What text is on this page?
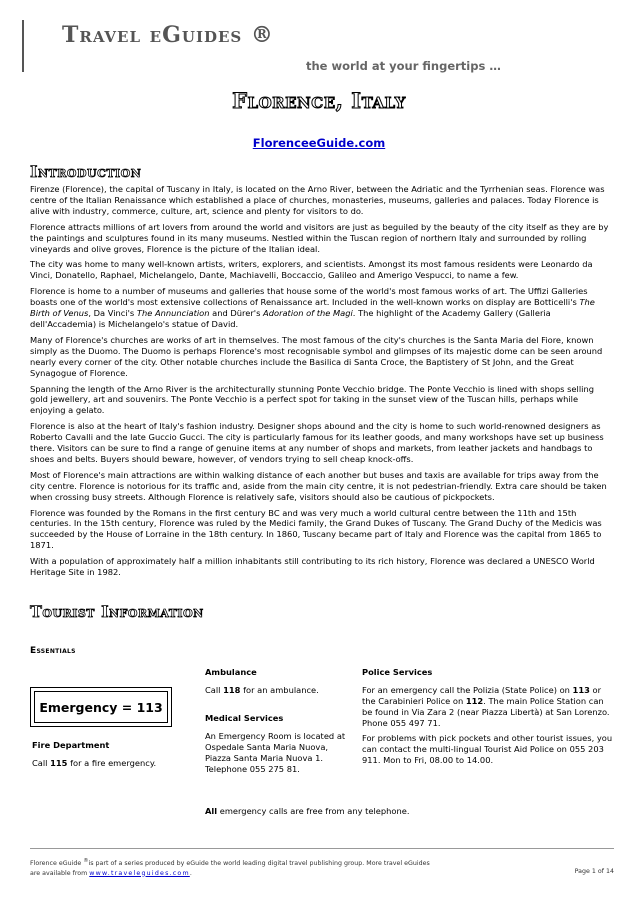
Travel eGuides ®
the world at your fingertips …
Florence, Italy
FlorenceeGuide.com
Introduction

Firenze (Florence), the capital of Tuscany in Italy, is located on the Arno River, between the Adriatic and the Tyrrhenian seas. Florence was centre of the Italian Renaissance which established a place of churches, monasteries, museums, galleries and palaces. Today Florence is alive with industry, commerce, culture, art, science and plenty for visitors to do.

Florence attracts millions of art lovers from around the world and visitors are just as beguiled by the beauty of the city itself as they are by the paintings and sculptures found in its many museums. Nestled within the Tuscan region of northern Italy and surrounded by rolling vineyards and olive groves, Florence is the picture of the Italian ideal.

The city was home to many well-known artists, writers, explorers, and scientists. Amongst its most famous residents were Leonardo da Vinci, Donatello, Raphael, Michelangelo, Dante, Machiavelli, Boccaccio, Galileo and Amerigo Vespucci, to name a few.

Florence is home to a number of museums and galleries that house some of the world's most famous works of art. The Uffizi Galleries boasts one of the world's most extensive collections of Renaissance art. Included in the well-known works on display are Botticelli's The Birth of Venus, Da Vinci's The Annunciation and Dürer's Adoration of the Magi. The highlight of the Academy Gallery (Galleria dell'Accademia) is Michelangelo's statue of David.

Many of Florence's churches are works of art in themselves. The most famous of the city's churches is the Santa Maria del Fiore, known simply as the Duomo. The Duomo is perhaps Florence's most recognisable symbol and glimpses of its majestic dome can be seen around nearly every corner of the city. Other notable churches include the Basilica di Santa Croce, the Baptistery of St John, and the Great Synagogue of Florence.

Spanning the length of the Arno River is the architecturally stunning Ponte Vecchio bridge. The Ponte Vecchio is lined with shops selling gold jewellery, art and souvenirs. The Ponte Vecchio is a perfect spot for taking in the sunset view of the Tuscan hills, perhaps while enjoying a gelato.

Florence is also at the heart of Italy's fashion industry. Designer shops abound and the city is home to such world-renowned designers as Roberto Cavalli and the late Guccio Gucci. The city is particularly famous for its leather goods, and many workshops have set up business there. Visitors can be sure to find a range of genuine items at any number of shops and markets, from leather jackets and handbags to shoes and belts. Buyers should beware, however, of vendors trying to sell cheap knock-offs.

Most of Florence's main attractions are within walking distance of each another but buses and taxis are available for trips away from the city centre. Florence is notorious for its traffic and, aside from the main city centre, it is not pedestrian-friendly. Extra care should be taken when crossing busy streets. Although Florence is relatively safe, visitors should also be cautious of pickpockets.

Florence was founded by the Romans in the first century BC and was very much a world cultural centre between the 11th and 15th centuries. In the 15th century, Florence was ruled by the Medici family, the Grand Dukes of Tuscany. The Grand Duchy of the Medicis was succeeded by the House of Lorraine in the 18th century. In 1860, Tuscany became part of Italy and Florence was the capital from 1865 to 1871.

With a population of approximately half a million inhabitants still contributing to its rich history, Florence was declared a UNESCO World Heritage Site in 1982.

Tourist Information
Essentials
Emergency = 113
Fire Department
Call 115 for a fire emergency.
Ambulance
Call 118 for an ambulance.
Medical Services
An Emergency Room is located at Ospedale Santa Maria Nuova, Piazza Santa Maria Nuova 1. Telephone 055 275 81.
Police Services
For an emergency call the Polizia (State Police) on 113 or the Carabinieri Police on 112. The main Police Station can be found in Via Zara 2 (near Piazza Libertà) at San Lorenzo. Phone 055 497 71.
For problems with pick pockets and other tourist issues, you can contact the multi-lingual Tourist Aid Police on 055 203 911. Mon to Fri, 08.00 to 14.00.
All emergency calls are free from any telephone.
Florence eGuide ®is part of a series produced by eGuide the world leading digital travel publishing group. More travel eGuides
are available from www.traveleguides.com.	Page 1 of 14
